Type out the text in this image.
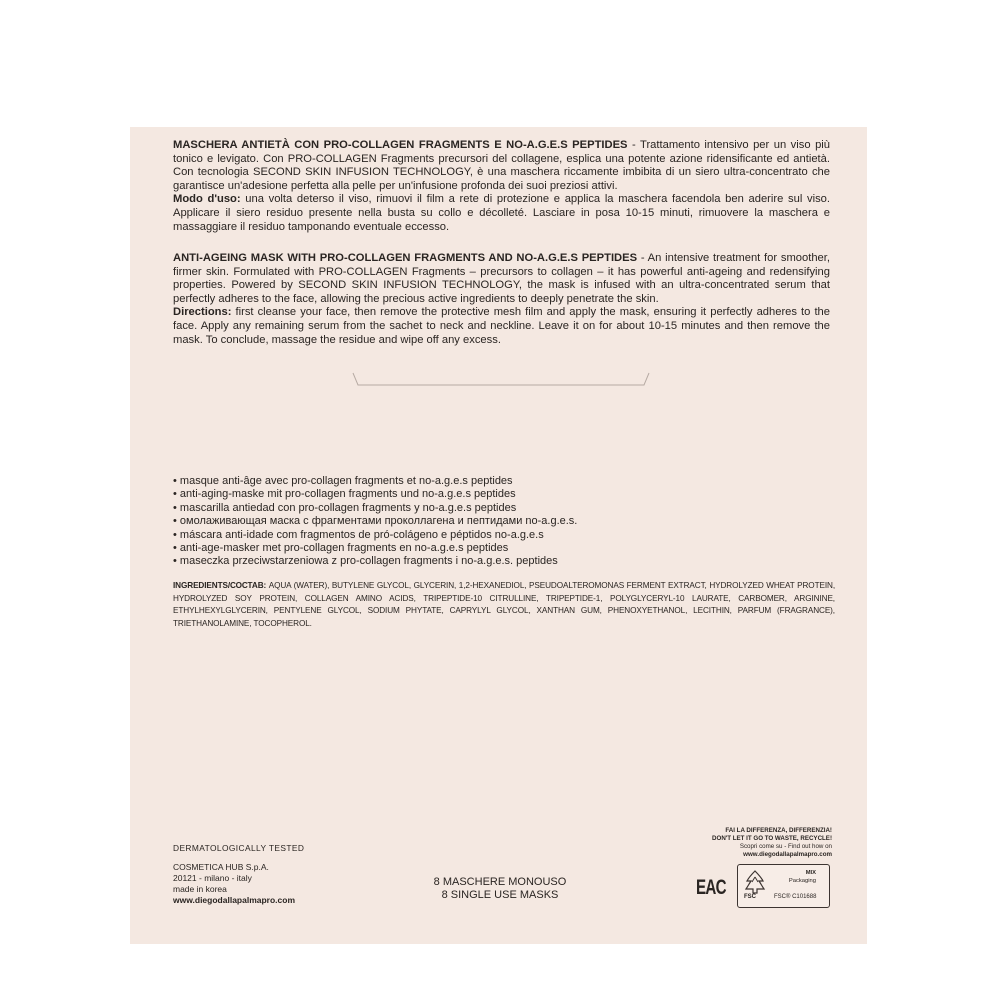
MASCHERA ANTIETÀ CON PRO-COLLAGEN FRAGMENTS E NO-A.G.E.S PEPTIDES - Trattamento intensivo per un viso più tonico e levigato. Con PRO-COLLAGEN Fragments precursori del collagene, esplica una potente azione ridensificante ed antietà. Con tecnologia SECOND SKIN INFUSION TECHNOLOGY, è una maschera riccamente imbibita di un siero ultra-concentrato che garantisce un'adesione perfetta alla pelle per un'infusione profonda dei suoi preziosi attivi.
Modo d'uso: una volta deterso il viso, rimuovi il film a rete di protezione e applica la maschera facendola ben aderire sul viso. Applicare il siero residuo presente nella busta su collo e décolleté. Lasciare in posa 10-15 minuti, rimuovere la maschera e massaggiare il residuo tamponando eventuale eccesso.
ANTI-AGEING MASK WITH PRO-COLLAGEN FRAGMENTS AND NO-A.G.E.S PEPTIDES - An intensive treatment for smoother, firmer skin. Formulated with PRO-COLLAGEN Fragments – precursors to collagen – it has powerful anti-ageing and redensifying properties. Powered by SECOND SKIN INFUSION TECHNOLOGY, the mask is infused with an ultra-concentrated serum that perfectly adheres to the face, allowing the precious active ingredients to deeply penetrate the skin.
Directions: first cleanse your face, then remove the protective mesh film and apply the mask, ensuring it perfectly adheres to the face. Apply any remaining serum from the sachet to neck and neckline. Leave it on for about 10-15 minutes and then remove the mask. To conclude, massage the residue and wipe off any excess.
• masque anti-âge avec pro-collagen fragments et no-a.g.e.s peptides
• anti-aging-maske mit pro-collagen fragments und no-a.g.e.s peptides
• mascarilla antiedad con pro-collagen fragments y no-a.g.e.s peptides
• омолаживающая маска с фрагментами проколлагена и пептидами no-a.g.e.s.
• máscara anti-idade com fragmentos de pró-colágeno e péptidos no-a.g.e.s
• anti-age-masker met pro-collagen fragments en no-a.g.e.s peptides
• maseczka przeciwstarzeniowa z pro-collagen fragments i no-a.g.e.s. peptides
INGREDIENTS/СОСТАВ: AQUA (WATER), BUTYLENE GLYCOL, GLYCERIN, 1,2-HEXANEDIOL, PSEUDOALTEROMONAS FERMENT EXTRACT, HYDROLYZED WHEAT PROTEIN, HYDROLYZED SOY PROTEIN, COLLAGEN AMINO ACIDS, TRIPEPTIDE-10 CITRULLINE, TRIPEPTIDE-1, POLYGLYCERYL-10 LAURATE, CARBOMER, ARGININE, ETHYLHEXYLGLYCERIN, PENTYLENE GLYCOL, SODIUM PHYTATE, CAPRYLYL GLYCOL, XANTHAN GUM, PHENOXYETHANOL, LECITHIN, PARFUM (FRAGRANCE), TRIETHANOLAMINE, TOCOPHEROL.
DERMATOLOGICALLY TESTED
COSMETICA HUB S.p.A.
20121 - milano - italy
made in korea
www.diegodallapalmapro.com
8 MASCHERE MONOUSO
8 SINGLE USE MASKS
FAI LA DIFFERENZA, DIFFERENZIA!
DON'T LET IT GO TO WASTE, RECYCLE!
Scopri come su - Find out how on
www.diegodallapalmapro.com
EAC	FSC
MIX
Packaging
FSC® C101688
